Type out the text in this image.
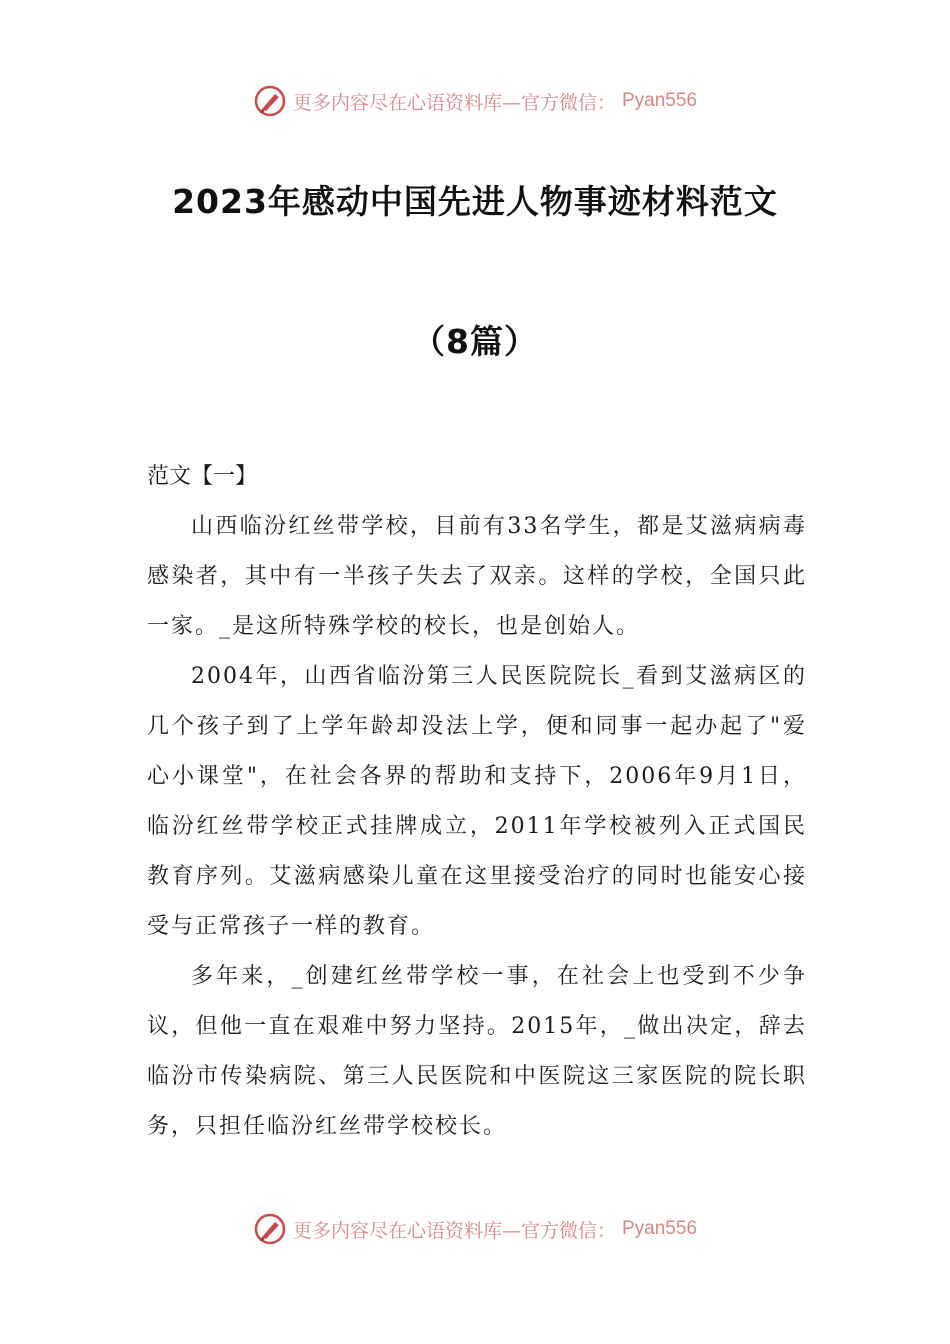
更多内容尽在心语资料库—官方微信： Pyan556
2023年感动中国先进人物事迹材料范文
（8篇）

范文【一】

山西临汾红丝带学校，目前有33名学生，都是艾滋病病毒感染者，其中有一半孩子失去了双亲。这样的学校，全国只此一家。_是这所特殊学校的校长，也是创始人。

2004年，山西省临汾第三人民医院院长_看到艾滋病区的几个孩子到了上学年龄却没法上学，便和同事一起办起了"爱心小课堂"，在社会各界的帮助和支持下，2006年9月1日，临汾红丝带学校正式挂牌成立，2011年学校被列入正式国民教育序列。艾滋病感染儿童在这里接受治疗的同时也能安心接受与正常孩子一样的教育。

多年来，_创建红丝带学校一事，在社会上也受到不少争议，但他一直在艰难中努力坚持。2015年，_做出决定，辞去临汾市传染病院、第三人民医院和中医院这三家医院的院长职务，只担任临汾红丝带学校校长。

更多内容尽在心语资料库—官方微信： Pyan556
